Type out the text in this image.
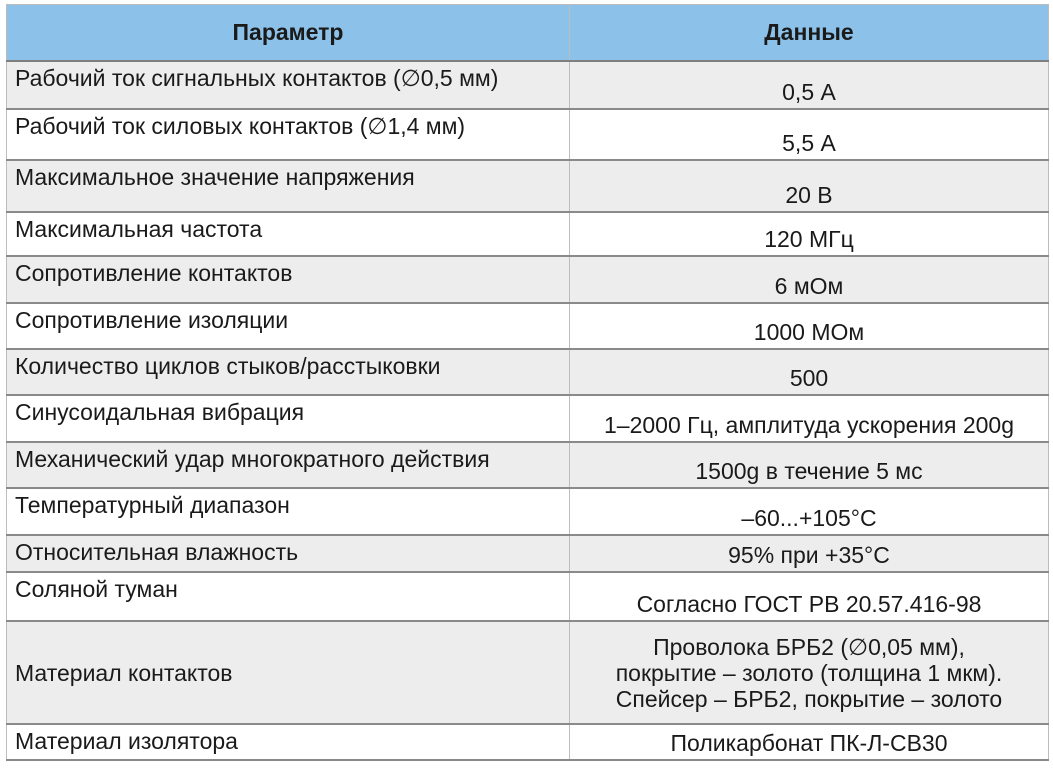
Параметр	Данные
Рабочий ток сигнальных контактов (∅0,5 мм)	0,5 А
Рабочий ток силовых контактов (∅1,4 мм)	5,5 А
Максимальное значение напряжения	20 В
Максимальная частота	120 МГц
Сопротивление контактов	6 мОм
Сопротивление изоляции	1000 МОм
Количество циклов стыков/расстыковки	500
Синусоидальная вибрация	1–2000 Гц, амплитуда ускорения 200g
Механический удар многократного действия	1500g в течение 5 мс
Температурный диапазон	–60...+105°С
Относительная влажность	95% при +35°С
Соляной туман	Согласно ГОСТ РВ 20.57.416-98
Материал контактов	Проволока БРБ2 (∅0,05 мм),
покрытие – золото (толщина 1 мкм).
Спейсер – БРБ2, покрытие – золото

Материал изолятора	Поликарбонат ПК-Л-СВ30
